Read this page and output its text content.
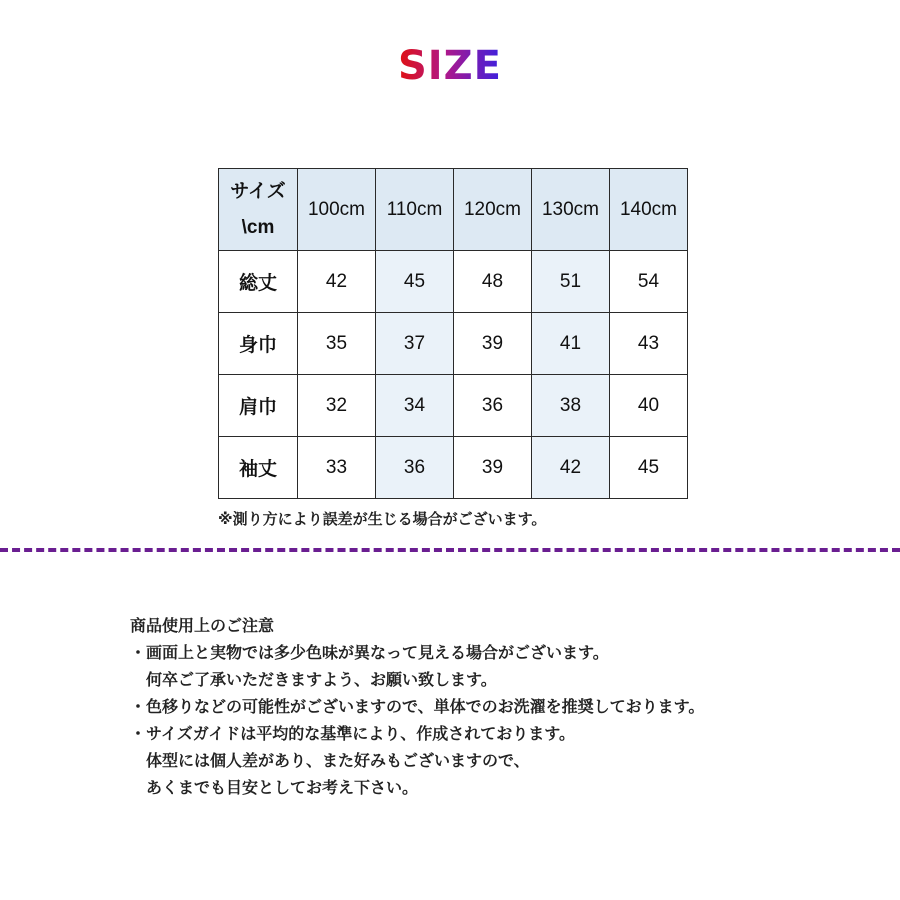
SIZE
サイズ
\cm	100cm	110cm	120cm	130cm	140cm
総丈	42	45	48	51	54
身巾	35	37	39	41	43
肩巾	32	34	36	38	40
袖丈	33	36	39	42	45
※測り方により誤差が生じる場合がございます。
商品使用上のご注意
・画面上と実物では多少色味が異なって見える場合がございます。
何卒ご了承いただきますよう、お願い致します。
・色移りなどの可能性がございますので、単体でのお洗濯を推奨しております。
・サイズガイドは平均的な基準により、作成されております。
体型には個人差があり、また好みもございますので、
あくまでも目安としてお考え下さい。
